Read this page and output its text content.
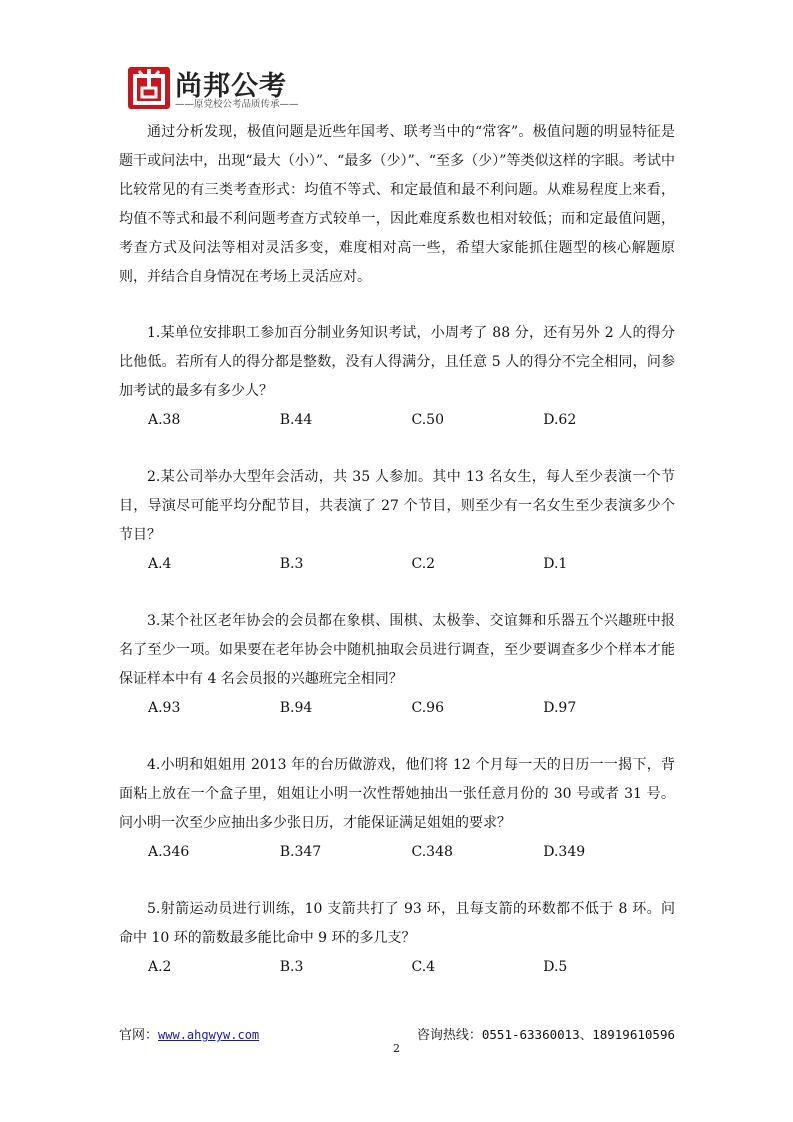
尚邦公考
——原党校公考品质传承——

通过分析发现，极值问题是近些年国考、联考当中的“常客”。极值问题的明显特征是题干或问法中，出现“最大（小）”、“最多（少）”、“至多（少）”等类似这样的字眼。考试中比较常见的有三类考查形式：均值不等式、和定最值和最不利问题。从难易程度上来看，均值不等式和最不利问题考查方式较单一，因此难度系数也相对较低；而和定最值问题，考查方式及问法等相对灵活多变，难度相对高一些，希望大家能抓住题型的核心解题原则，并结合自身情况在考场上灵活应对。

1.某单位安排职工参加百分制业务知识考试，小周考了 88 分，还有另外 2 人的得分比他低。若所有人的得分都是整数，没有人得满分，且任意 5 人的得分不完全相同，问参加考试的最多有多少人？

A.38	B.44	C.50	D.62

2.某公司举办大型年会活动，共 35 人参加。其中 13 名女生，每人至少表演一个节目，导演尽可能平均分配节目，共表演了 27 个节目，则至少有一名女生至少表演多少个节目？

A.4	B.3	C.2	D.1

3.某个社区老年协会的会员都在象棋、围棋、太极拳、交谊舞和乐器五个兴趣班中报名了至少一项。如果要在老年协会中随机抽取会员进行调查，至少要调查多少个样本才能保证样本中有 4 名会员报的兴趣班完全相同？

A.93	B.94	C.96	D.97

4.小明和姐姐用 2013 年的台历做游戏，他们将 12 个月每一天的日历一一揭下，背面粘上放在一个盒子里，姐姐让小明一次性帮她抽出一张任意月份的 30 号或者 31 号。问小明一次至少应抽出多少张日历，才能保证满足姐姐的要求？

A.346	B.347	C.348	D.349

5.射箭运动员进行训练，10 支箭共打了 93 环，且每支箭的环数都不低于 8 环。问命中 10 环的箭数最多能比命中 9 环的多几支？

A.2	B.3	C.4	D.5
官网：www.ahgwyw.com	咨询热线：0551-63360013、18919610596
2
